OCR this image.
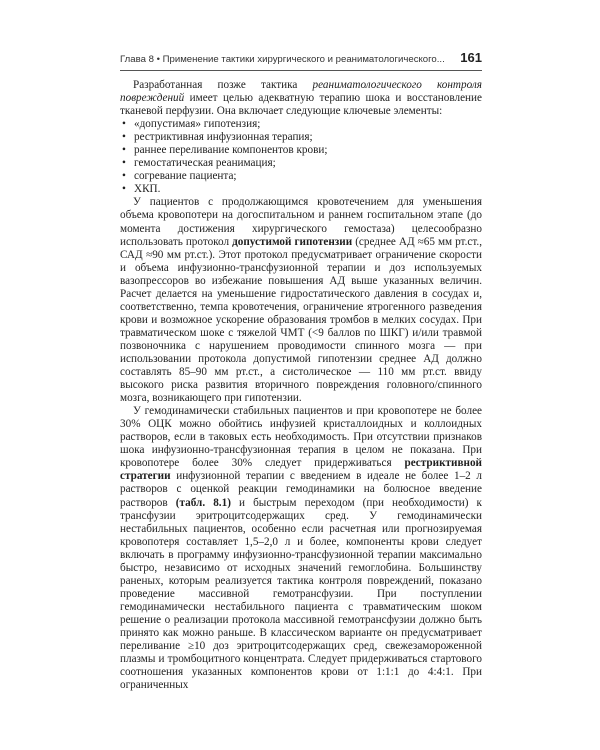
Глава 8 • Применение тактики хирургического и реаниматологического... 161

Разработанная позже тактика реаниматологического контроля повреждений имеет целью адекватную терапию шока и восстановление тканевой перфузии. Она включает следующие ключевые элементы:

• «допустимая» гипотензия;
• рестриктивная инфузионная терапия;
• раннее переливание компонентов крови;
• гемостатическая реанимация;
• согревание пациента;
• ХКП.

У пациентов с продолжающимся кровотечением для уменьшения объема кровопотери на догоспитальном и раннем госпитальном этапе (до момента достижения хирургического гемостаза) целесообразно использовать протокол допустимой гипотензии (среднее АД ≈65 мм рт.ст., САД ≈90 мм рт.ст.). Этот протокол предусматривает ограничение скорости и объема инфузионно-трансфузионной терапии и доз используемых вазопрессоров во избежание повышения АД выше указанных величин. Расчет делается на уменьшение гидростатического давления в сосудах и, соответственно, темпа кровотечения, ограничение ятрогенного разведения крови и возможное ускорение образования тромбов в мелких сосудах. При травматическом шоке с тяжелой ЧМТ (<9 баллов по ШКГ) и/или травмой позвоночника с нарушением проводимости спинного мозга — при использовании протокола допустимой гипотензии среднее АД должно составлять 85–90 мм рт.ст., а систолическое — 110 мм рт.ст. ввиду высокого риска развития вторичного повреждения головного/спинного мозга, возникающего при гипотензии.

У гемодинамически стабильных пациентов и при кровопотере не более 30% ОЦК можно обойтись инфузией кристаллоидных и коллоидных растворов, если в таковых есть необходимость. При отсутствии признаков шока инфузионно-трансфузионная терапия в целом не показана. При кровопотере более 30% следует придерживаться рестриктивной стратегии инфузионной терапии с введением в идеале не более 1–2 л растворов с оценкой реакции гемодинамики на болюсное введение растворов (табл. 8.1) и быстрым переходом (при необходимости) к трансфузии эритроцитсодержащих сред. У гемодинамически нестабильных пациентов, особенно если расчетная или прогнозируемая кровопотеря составляет 1,5–2,0 л и более, компоненты крови следует включать в программу инфузионно-трансфузионной терапии максимально быстро, независимо от исходных значений гемоглобина. Большинству раненых, которым реализуется тактика контроля повреждений, показано проведение массивной гемотрансфузии. При поступлении гемодинамически нестабильного пациента с травматическим шоком решение о реализации протокола массивной гемотрансфузии должно быть принято как можно раньше. В классическом варианте он предусматривает переливание ≥10 доз эритроцитсодержащих сред, свежезамороженной плазмы и тромбоцитного концентрата. Следует придерживаться стартового соотношения указанных компонентов крови от 1:1:1 до 4:4:1. При ограниченных
